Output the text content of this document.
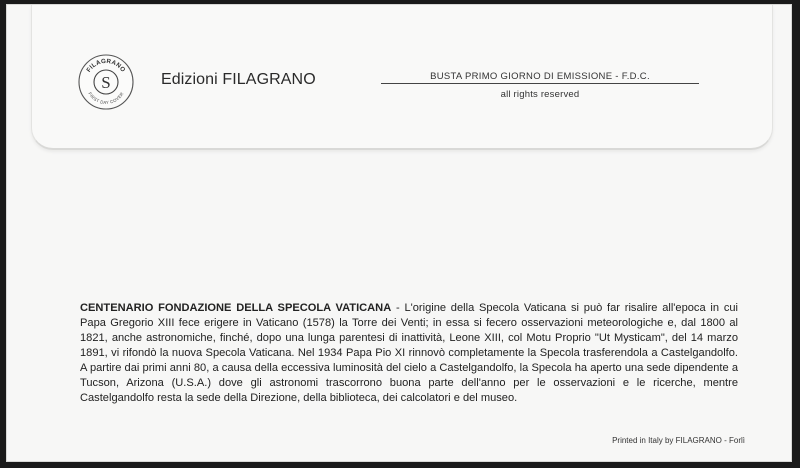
FILAGRANO
S
FIRST DAY COVER
Edizioni FILAGRANO	BUSTA PRIMO GIORNO DI EMISSIONE - F.D.C.
all rights reserved
CENTENARIO FONDAZIONE DELLA SPECOLA VATICANA - L'origine della Specola Vaticana si può far risalire all'epoca in cui Papa Gregorio XIII fece erigere in Vaticano (1578) la Torre dei Venti; in essa si fecero osservazioni meteorologiche e, dal 1800 al 1821, anche astronomiche, finché, dopo una lunga parentesi di inattività, Leone XIII, col Motu Proprio "Ut Mysticam", del 14 marzo 1891, vi rifondò la nuova Specola Vaticana. Nel 1934 Papa Pio XI rinnovò completamente la Specola trasferendola a Castelgandolfo. A partire dai primi anni 80, a causa della eccessiva luminosità del cielo a Castelgandolfo, la Specola ha aperto una sede dipendente a Tucson, Arizona (U.S.A.) dove gli astronomi trascorrono buona parte dell'anno per le osservazioni e le ricerche, mentre Castelgandolfo resta la sede della Direzione, della biblioteca, dei calcolatori e del museo.
Printed in Italy by FILAGRANO - Forlì
